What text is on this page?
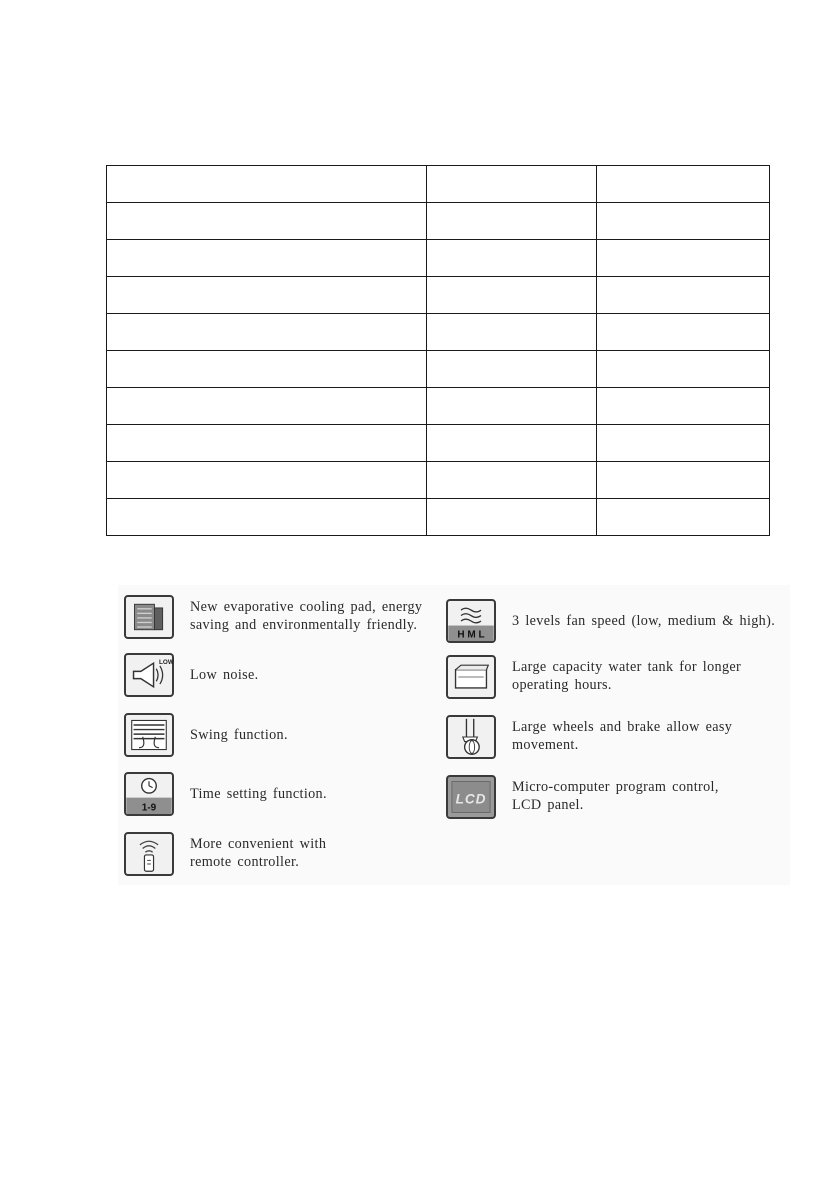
New evaporative cooling pad, energy
saving and environmentally friendly.
LOW
Low noise.
Swing function.
1-9
Time setting function.
More convenient with
remote controller.
H M L
3 levels fan speed (low, medium & high).
Large capacity water tank for longer
operating hours.
Large wheels and brake allow easy
movement.
LCD
Micro-computer program control,
LCD panel.
